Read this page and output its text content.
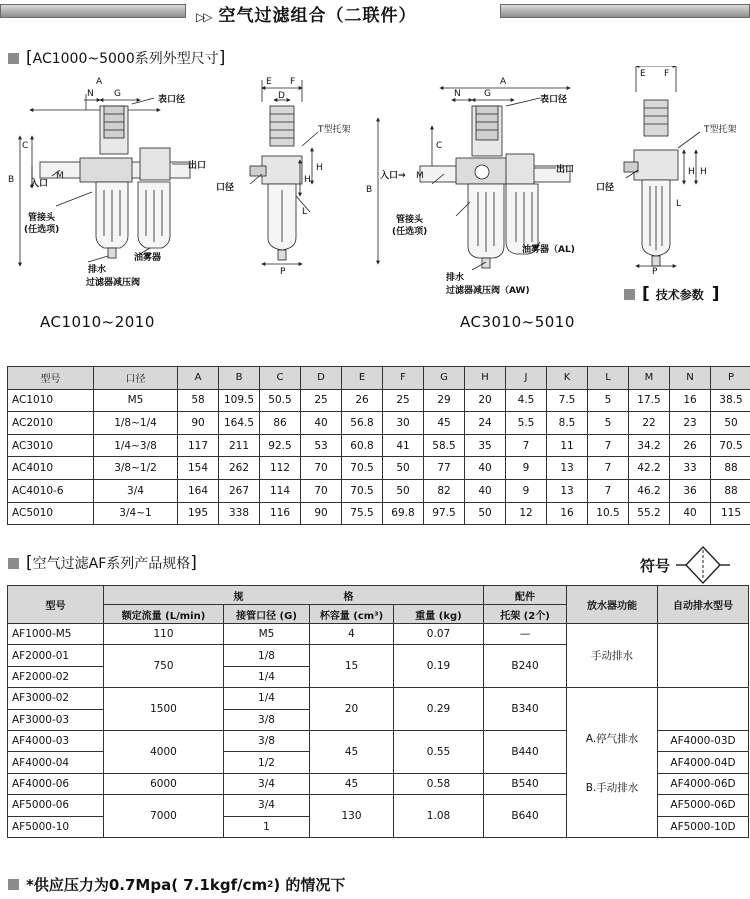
▷▷ 空气过滤组合（二联件）
[ AC1000~5000系列外型尺寸 ]
A
N G
C
B	M
表口径
出口
入口
管接头
(任选项)
排水
过滤器减压阀
油雾器
E F
D
H
H
T型托架
口径
L
P
A
N	G
C
B
M
表口径
出口
入口→
管接头
(任选项)
排水
过滤器减压阀（AW)
油雾器（AL)
E F
H H
T型托架
口径
L
P
[ 技术参数 ]
AC1010~2010	AC3010~5010
型号	口径	A	B	C	D	E	F	G	H	J	K	L	M	N	P
AC1010	M5	58	109.5	50.5	25	26	25	29	20	4.5	7.5	5	17.5	16	38.5
AC2010	1/8~1/4	90	164.5	86	40	56.8	30	45	24	5.5	8.5	5	22	23	50
AC3010	1/4~3/8	117	211	92.5	53	60.8	41	58.5	35	7	11	7	34.2	26	70.5
AC4010	3/8~1/2	154	262	112	70	70.5	50	77	40	9	13	7	42.2	33	88
AC4010-6	3/4	164	267	114	70	70.5	50	82	40	9	13	7	46.2	36	88
AC5010	3/4~1	195	338	116	90	75.5	69.8	97.5	50	12	16	10.5	55.2	40	115
[ 空气过滤AF系列产品规格 ]	符号
型号	规　　　　　　　　　　格				配件	放水器功能	自动排水型号
	额定流量 (L/min)	接管口径 (G)	杯容量 (cm³)	重量 (kg)	托架 (2个)		
AF1000-M5	110	M5	4	0.07	—	手动排水	
AF2000-01	750	1/8	15	0.19	B240		
AF2000-02		1/4					
AF3000-02	1500	1/4	20	0.29	B340	A.停气排水
B.手动排水	

AF3000-03		3/8					
AF4000-03	4000	3/8	45	0.55	B440		AF4000-03D
AF4000-04		1/2					AF4000-04D
AF4000-06	6000	3/4	45	0.58	B540		AF4000-06D
AF5000-06	7000	3/4	130	1.08	B640		AF5000-06D
AF5000-10		1					AF5000-10D
*供应压力为0.7Mpa( 7.1kgf/cm 2 ) 的情况下
